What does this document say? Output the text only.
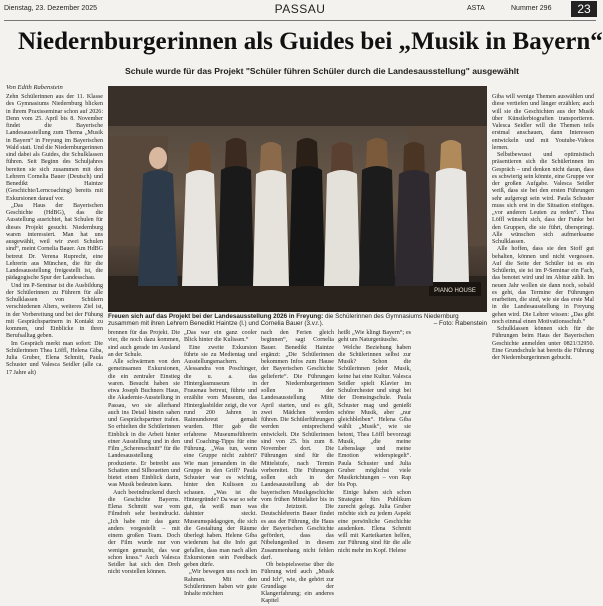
Dienstag, 23. Dezember 2025	PASSAU	ASTA	Nummer 296	23
Niedernburgerinnen als Guides bei „Musik in Bayern“
Schule wurde für das Projekt "Schüler führen Schüler durch die Landesausstellung" ausgewählt
Von Edith Rabenstein

Zehn Schülerinnen aus der 11. Klasse des Gymnasiums Niedernburg blicken in ihrem Praxisseminar schon auf 2026: Denn vom 25. April bis 8. November findet die Bayerische Landesausstellung zum Thema „Musik in Bayern“ in Freyung im Bayerischen Wald statt. Und die Niedernburgerinnen sind dabei als Guides, die Schulklassen führen. Seit Beginn des Schuljahres bereiten sie sich zusammen mit den Lehrern Cornelia Bauer (Deutsch) und Benedikt Haintze (Geschichte/Lerncoaching) bereits mit Exkursionen darauf vor.

„Das Haus der Bayerischen Geschichte (HdBG), das die Ausstellung ausrichtet, hat Schulen für dieses Projekt gesucht. Niedernburg waren interessiert. Man hat uns ausgewählt, weil wir zwei Schulen sind“, meint Cornelia Bauer. Am HdBG betreut Dr. Verena Ruprecht, eine Lehrerin aus München, die für die Landesausstellung freigestellt ist, die pädagogische Spur der Landesschau.

Und im P-Seminar ist die Ausbildung der Schülerinnen zu Führern für alle Schulklassen von Schülern verschiedenen Alters, weiteres Ziel ist, in der Vorbereitung und bei der Fühung mit Gesprächspartnern in Kontakt zu kommen, und Einblicke in ihren Berufsalltag geben.

Im Gespräch merkt man sofort: Die Schülerinnen Thea Löffl, Helena Giba, Julia Gruber, Elena Schmitt, Paula Schuster und Valesca Seidler (alle ca. 17 Jahre alt)

PIANO HOUSE
Freuen sich auf das Projekt bei der Landesausstellung 2026 in Freyung: die Schülerinnen des Gymnasiums Niedernburg zusammen mit ihren Lehrern Benedikt Haintze (l.) und Cornelia Bauer (3.v.r.).	– Foto: Rabenstein

brennen für das Projekt. Die vier, die noch dazu kommen, sind auch gerade im Ausland an der Schule.

Alle schwärmen von den gemeinsamen Exkursionen, die ein zentraler Einstieg waren. Besucht haben sie etwa Joseph Buchners Haus, die Akademie-Ausstellung in Passau, wo sie allerhand auch ins Detail hinein sahen und Gesprächspartner trafen. So erhielten die Schülerinnen Einblick in die Arbeit hinter einer Ausstellung und in den Film „Scherenschnitt“ für die Landesausstellung produzierte. Er betreibt aus Schatten und Silhouetten und bietet einen Einblick darin, was Musik bedeuten kann.

Auch beeindruckend durch die Geschichte Bayerns. Elena Schmitt war vom Filmdreh sehr beeindruckt. „Ich habe mir das ganz anders vorgestellt – mit einem großen Team. Doch der Film wurde nur von wenigen gemacht, das war schon krass.“ Auch Valesca Seidler hat sich den Dreh nicht vorstellen können.

„Das war ein ganz cooler Blick hinter die Kulissen.“

Eine zweite Exkursion führte sie zu Medientag und Ausstellungsmachern. Alessandra von Poschinger, die u. a. das Hinterglasmuseum in Frauenau betreut, führte und erzählte vom Museum, das Hinterglasbilder zeigt, die vor rund 200 Jahren in Raimundsreut gemalt wurden. Hier gab die erfahrene Museumsführerin und Coaching-Tipps für eine Führung. „Was tun, wenn eine Gruppe nicht zuhört? Wie man jemandem in die Gruppe in den Griff? Paula Schuster war es wichtig, hinter den Kulissen zu schauen. „Was ist die Hintergründe? Da war so sehr gut, da weiß man was dahinter steckt. Museumspädagogen, die sich die Gestaltung der Räume überlegt haben. Helene Giba wiederum hat die Info gut gefallen, dass man nach allen Exkursionen sein Feedback geben dürfe.

„Wir bewegen uns noch im Rahmen. Mit den Schülerinnen haben wir gute Inhalte möchten

nach den Ferien gleich beginnen“, sagt Cornelia Bauer. Benedikt Haintze ergänzt: „Die Schülerinnen bekommen Infos zum Hause der Bayerischen Geschichte gelieferte“. Die Führungen der Niedernburgerinnen sollen in der Landesausstellung Mitte April starten, und es gilt, zwei Mädchen werden führen. Die Schülerführungen werden entsprechend entwickelt. Die Schülerinnen sind von 25. bis zum 8. November dort. Die Führungen sind für die Mittelstufe, nach Termin vorbereitet. Die Führungen sollen sich in der Landesausstellung ab der bayerischen Musikgeschichte vom frühen Mittelalter bis in die Jetztzeit. Die Deutschlehrerin Bauer findet es aus der Führung, die Haus der Bayerischen Geschichte gefördert, dass das Nibelungenlied in diesem Zusammenhang nicht fehlen darf.

Ob beispielsweise über die Führung wird auch „Musik und Ich“, wie, die gehört zur Grundlage der Klangerfahrung; ein anderes Kapitel

heißt „Wie klingt Bayern“; es geht um Naturgeräusche.

Welche Beziehung haben die Schülerinnen selbst zur Musik? Schon die Schülerinnen jeder Musik, keine hat eine Kultur. Valesca Seidler spielt Klavier im Schulorchester und singt bei der Domsingschule. Paula Schuster mag und genießt schöne Musik, aber „nur gleichbleiben“. Helena Giba wählt „Musik“, wie sie betont, Thea Löffl bevorzugt Musik, „die meine Lebenslage und meine Emotion widerspiegelt“. Paula Schuster und Julia Gruber möglichst viele Musikrichtungen – von Rap bis Pop.

Einige haben sich schon Strategien fürs Publikum zurecht gelegt. Julia Gruber möchte sich zu jedem Aspekt eine persönliche Geschichte ausdenken. Elena Schmitt will mit Karteikarten helfen, zur Führung sind für die alle nicht mehr im Kopf. Helene

Giba will wenige Themen auswählen und diese vertiefen und länger erzählen; auch will sie die Geschichten aus der Musik über Künstlerbiografien transportieren. Valesca Seidler will die Themen teils erstmal anschauen, dann Interessen entwickeln und mit Youtube-Videos lernen.

Selbstbewusst und optimistisch präsentieren sich die Schülerinnen im Gespräch – und denken nicht daran, dass es schwierig sein könnte, eine Gruppe vor der großen Aufgabe. Valesca Seidler weiß, dass sie bei den ersten Führungen sehr aufgeregt sein wird. Paula Schuster muss sich erst in die Situation einfügen. „vor anderen Leuten zu reden“. Thea Löffl wünscht sich, dass der Funke bei den Gruppen, die sie führt, überspringt. Alle wünschen sich aufmerksame Schulklassen.

Alle hoffen, dass sie den Stoff gut behalten, können und nicht vergessen. Auf die Seite der Schüler ist es ein Schülerin, sie ist im P-Seminar ein Fach, das benotet wird und im Abitur zählt. Im neuen Jahr wollen sie dann noch, sobald es geht, das Termine der Führungen erarbeiten, die sind, wie sie das erste Mal in die Landesausstellung in Freyung gehen wird. Die Lehrer wissen: „Das gibt noch einmal einen Motivationsschub.“

Schulklassen können sich für die Führungen beim Haus der Bayerischen Geschichte anmelden unter 0821/32950. Eine Grundschule hat bereits die Führung der Niedernburgerinnen gebucht.
